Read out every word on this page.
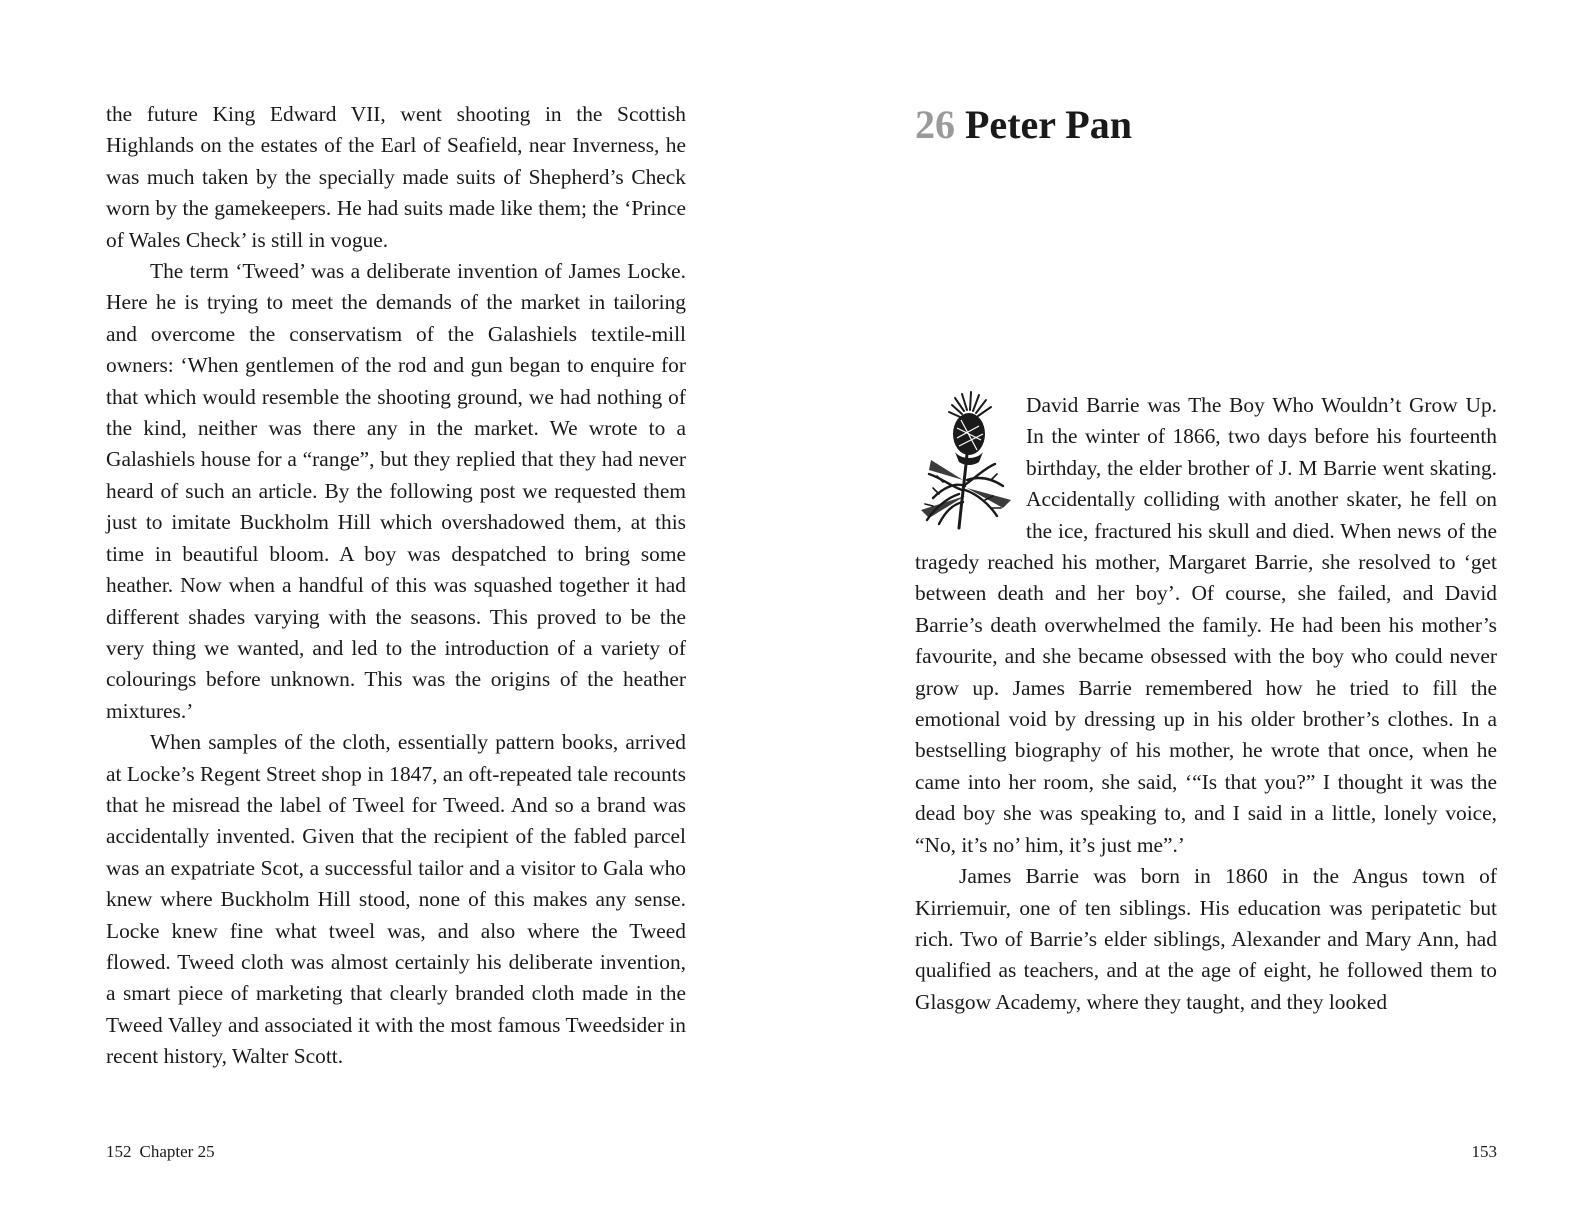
the future King Edward VII, went shooting in the Scottish Highlands on the estates of the Earl of Seafield, near Inverness, he was much taken by the specially made suits of Shepherd’s Check worn by the gamekeepers. He had suits made like them; the ‘Prince of Wales Check’ is still in vogue.

The term ‘Tweed’ was a deliberate invention of James Locke. Here he is trying to meet the demands of the market in tailoring and overcome the conservatism of the Galashiels textile-mill owners: ‘When gentlemen of the rod and gun began to enquire for that which would resemble the shooting ground, we had nothing of the kind, neither was there any in the market. We wrote to a Galashiels house for a “range”, but they replied that they had never heard of such an article. By the following post we requested them just to imitate Buckholm Hill which overshadowed them, at this time in beautiful bloom. A boy was despatched to bring some heather. Now when a handful of this was squashed together it had different shades varying with the seasons. This proved to be the very thing we wanted, and led to the introduction of a variety of colourings before unknown. This was the origins of the heather mixtures.’

When samples of the cloth, essentially pattern books, arrived at Locke’s Regent Street shop in 1847, an oft-repeated tale recounts that he misread the label of Tweel for Tweed. And so a brand was accidentally invented. Given that the recipient of the fabled parcel was an expatriate Scot, a successful tailor and a visitor to Gala who knew where Buckholm Hill stood, none of this makes any sense. Locke knew fine what tweel was, and also where the Tweed flowed. Tweed cloth was almost certainly his deliberate invention, a smart piece of marketing that clearly branded cloth made in the Tweed Valley and associated it with the most famous Tweedsider in recent history, Walter Scott.

152 Chapter 25
26 Peter Pan

David Barrie was The Boy Who Wouldn’t Grow Up. In the winter of 1866, two days before his fourteenth birthday, the elder brother of J. M Barrie went skating. Accidentally colliding with another skater, he fell on the ice, fractured his skull and died. When news of the tragedy reached his mother, Margaret Barrie, she resolved to ‘get between death and her boy’. Of course, she failed, and David Barrie’s death overwhelmed the family. He had been his mother’s favourite, and she became obsessed with the boy who could never grow up. James Barrie remembered how he tried to fill the emotional void by dressing up in his older brother’s clothes. In a bestselling biography of his mother, he wrote that once, when he came into her room, she said, ‘“Is that you?” I thought it was the dead boy she was speaking to, and I said in a little, lonely voice, “No, it’s no’ him, it’s just me”.’

James Barrie was born in 1860 in the Angus town of Kirriemuir, one of ten siblings. His education was peripatetic but rich. Two of Barrie’s elder siblings, Alexander and Mary Ann, had qualified as teachers, and at the age of eight, he followed them to Glasgow Academy, where they taught, and they looked

153
